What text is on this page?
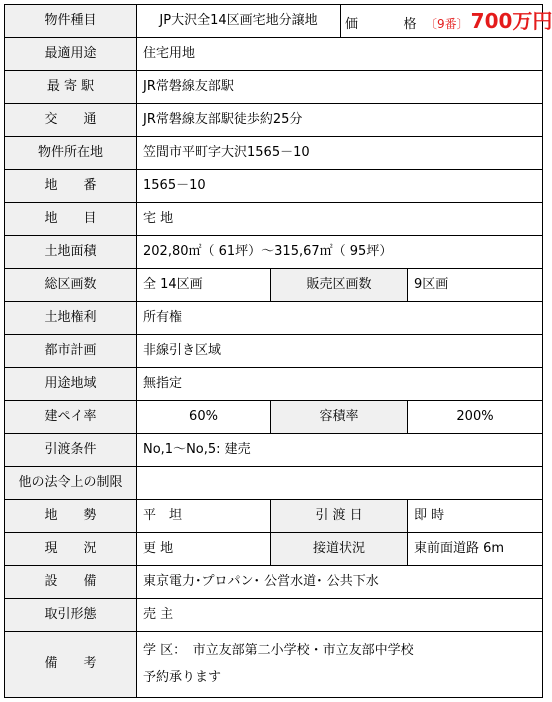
物件種目	JP大沢全14区画宅地分譲地		価　　格 〔9番〕 700万円	
最適用途	住宅用地			
最 寄 駅	JR常磐線友部駅			
交　　通	JR常磐線友部駅徒歩約25分			
物件所在地	笠間市平町字大沢1565－10			
地　　番	1565－10			
地　　目	宅 地			
土地面積	202,80㎡（ 61坪）～315,67㎡（ 95坪）			
総区画数	全 14区画	販売区画数		9区画
土地権利	所有権			
都市計画	非線引き区域			
用途地域	無指定			
建ペイ率	60%	容積率		200%
引渡条件	No,1～No,5: 建売			
他の法令上の制限				
地　　勢	平　坦	引 渡 日		即 時
現　　況	更 地	接道状況		東前面道路 6m
設　　備	東京電力･プロパン･ 公営水道･ 公共下水			
取引形態	売 主			
備　　考	学 区：　市立友部第二小学校・市立友部中学校
予約承ります			
